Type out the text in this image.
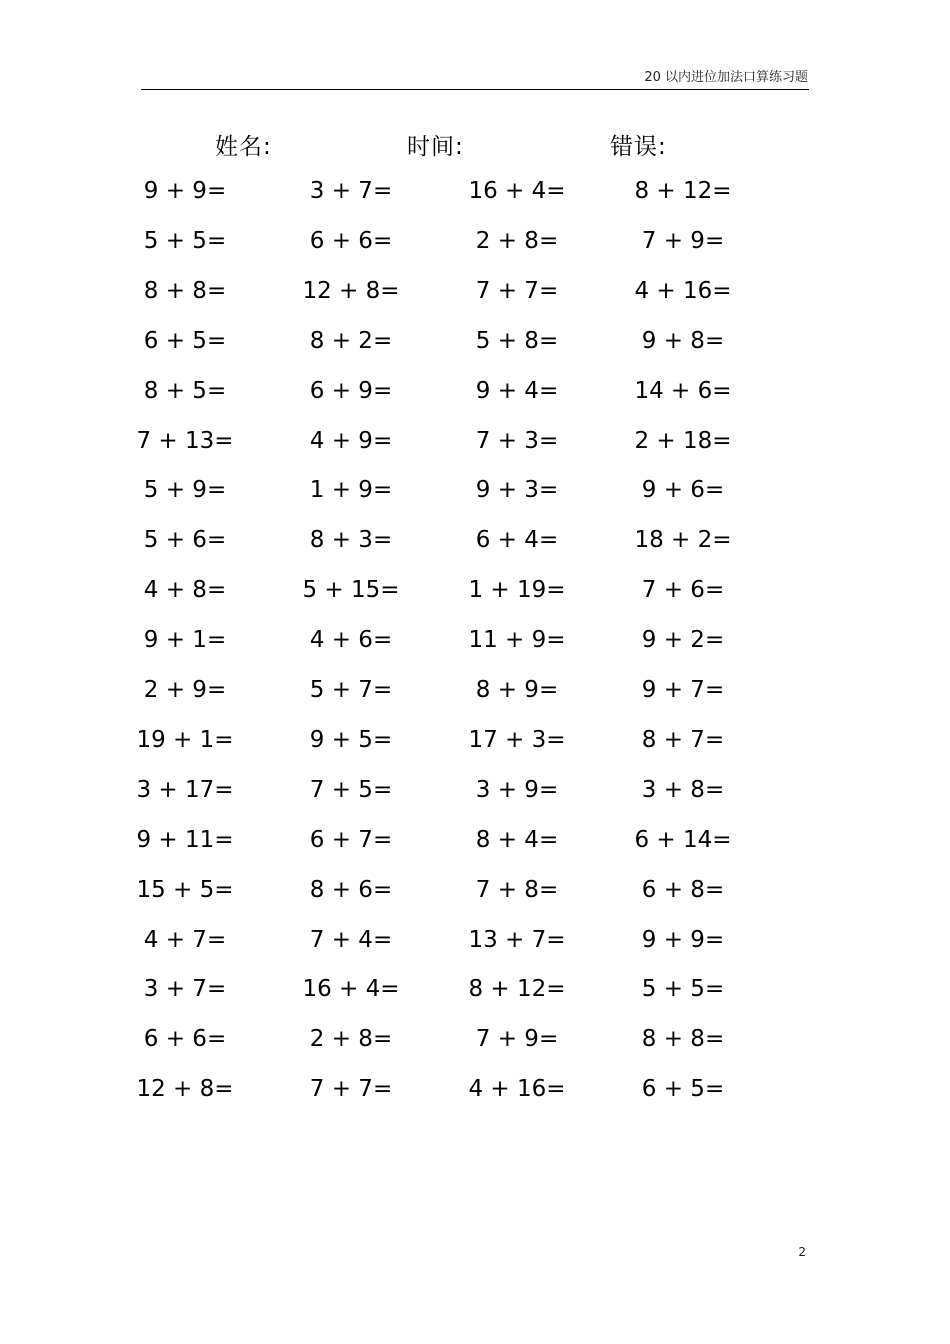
20 以内进位加法口算练习题
姓名:	时间:	错误:
9 + 9=
5 + 5=
8 + 8=
6 + 5=
8 + 5=
7 + 13=
5 + 9=
5 + 6=
4 + 8=
9 + 1=
2 + 9=
19 + 1=
3 + 17=
9 + 11=
15 + 5=
4 + 7=
3 + 7=
6 + 6=
12 + 8=
3 + 7=
6 + 6=
12 + 8=
8 + 2=
6 + 9=
4 + 9=
1 + 9=
8 + 3=
5 + 15=
4 + 6=
5 + 7=
9 + 5=
7 + 5=
6 + 7=
8 + 6=
7 + 4=
16 + 4=
2 + 8=
7 + 7=
16 + 4=
2 + 8=
7 + 7=
5 + 8=
9 + 4=
7 + 3=
9 + 3=
6 + 4=
1 + 19=
11 + 9=
8 + 9=
17 + 3=
3 + 9=
8 + 4=
7 + 8=
13 + 7=
8 + 12=
7 + 9=
4 + 16=
8 + 12=
7 + 9=
4 + 16=
9 + 8=
14 + 6=
2 + 18=
9 + 6=
18 + 2=
7 + 6=
9 + 2=
9 + 7=
8 + 7=
3 + 8=
6 + 14=
6 + 8=
9 + 9=
5 + 5=
8 + 8=
6 + 5=
2
